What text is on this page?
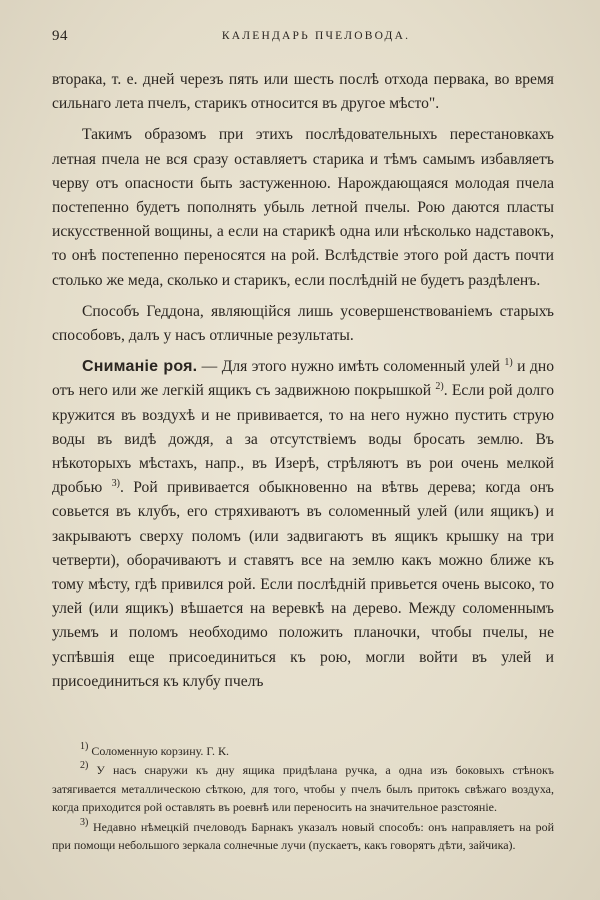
94	КАЛЕНДАРЬ ПЧЕЛОВОДА.

вторака, т. е. дней черезъ пять или шесть послѣ отхода первака, во время сильнаго лета пчелъ, старикъ относится въ другое мѣсто".

Такимъ образомъ при этихъ послѣдовательныхъ перестановкахъ летная пчела не вся сразу оставляетъ старика и тѣмъ самымъ избавляетъ черву отъ опасности быть застуженною. Нарождающаяся молодая пчела постепенно будетъ пополнять убыль летной пчелы. Рою даются пласты искусственной вощины, а если на старикѣ одна или нѣсколько надставокъ, то онѣ постепенно переносятся на рой. Вслѣдствіе этого рой дастъ почти столько же меда, сколько и старикъ, если послѣдній не будетъ раздѣленъ.

Способъ Геддона, являющійся лишь усовершенствованіемъ старыхъ способовъ, далъ у насъ отличные результаты.

Сниманіе роя. — Для этого нужно имѣть соломенный улей $^{1)}$ и дно отъ него или же легкій ящикъ съ задвижною покрышкой $^{2)}$. Если рой долго кружится въ воздухѣ и не прививается, то на него нужно пустить струю воды въ видѣ дождя, а за отсутствіемъ воды бросать землю. Въ нѣкоторыхъ мѣстахъ, напр., въ Изерѣ, стрѣляютъ въ рои очень мелкой дробью $^{3)}$. Рой прививается обыкновенно на вѣтвь дерева; когда онъ совьется въ клубъ, его стряхиваютъ въ соломенный улей (или ящикъ) и закрываютъ сверху поломъ (или задвигаютъ въ ящикъ крышку на три четверти), оборачиваютъ и ставятъ все на землю какъ можно ближе къ тому мѣсту, гдѣ привился рой. Если послѣдній привьется очень высоко, то улей (или ящикъ) вѣшается на веревкѣ на дерево. Между соломеннымъ ульемъ и поломъ необходимо положить планочки, чтобы пчелы, не успѣвшія еще присоединиться къ рою, могли войти въ улей и присоединиться къ клубу пчелъ

$^{1)}$ Соломенную корзину. Г. К.

$^{2)}$ У насъ снаружи къ дну ящика придѣлана ручка, а одна изъ боковыхъ стѣнокъ затягивается металлическою сѣткою, для того, чтобы у пчелъ былъ притокъ свѣжаго воздуха, когда приходится рой оставлять въ роевнѣ или переносить на значительное разстояніе.

$^{3)}$ Недавно нѣмецкій пчеловодъ Барнакъ указалъ новый способъ: онъ направляетъ на рой при помощи небольшого зеркала солнечные лучи (пускаетъ, какъ говорятъ дѣти, зайчика).
